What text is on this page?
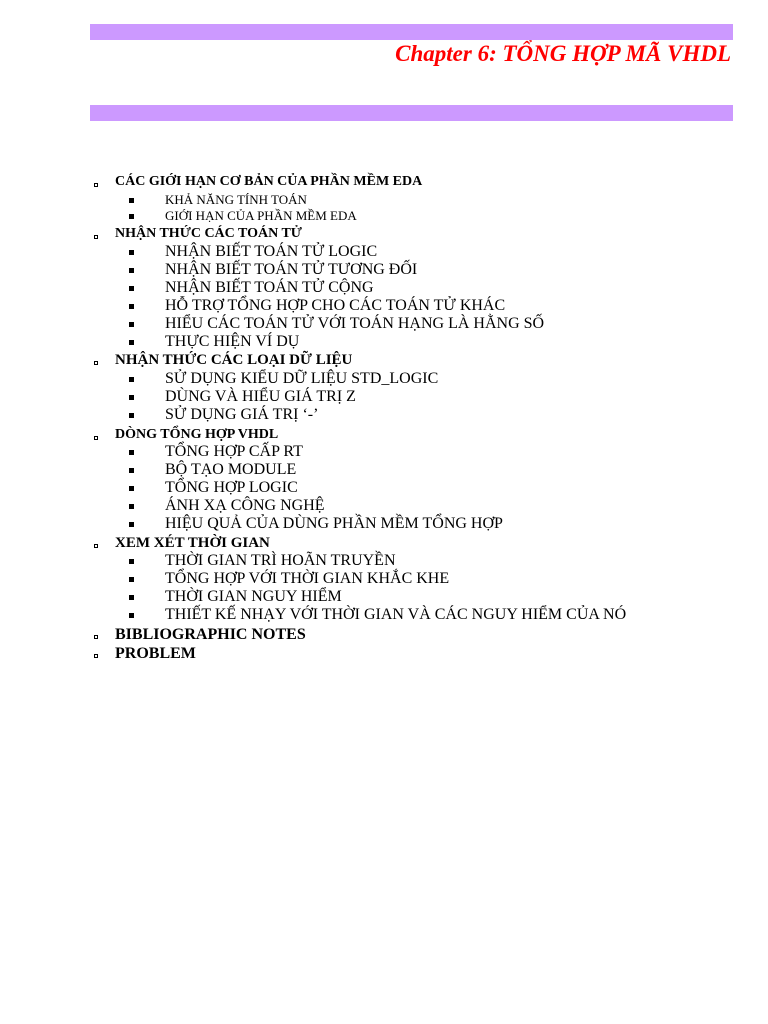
Chapter 6: TỔNG HỢP MÃ VHDL
CÁC GIỚI HẠN CƠ BẢN CỦA PHẦN MỀM EDA
KHẢ NĂNG TÍNH TOÁN
GIỚI HẠN CỦA PHẦN MỀM EDA
NHẬN THỨC CÁC TOÁN TỬ
NHẬN BIẾT TOÁN TỬ LOGIC
NHẬN BIẾT TOÁN TỬ TƯƠNG ĐỐI
NHẬN BIẾT TOÁN TỬ CỘNG
HỖ TRỢ TỔNG HỢP CHO CÁC TOÁN TỬ KHÁC
HIỂU CÁC TOÁN TỬ VỚI TOÁN HẠNG LÀ HẰNG SỐ
THỰC HIỆN VÍ DỤ
NHẬN THỨC CÁC LOẠI DỮ LIỆU
SỬ DỤNG KIỂU DỮ LIỆU STD_LOGIC
DÙNG VÀ HIỂU GIÁ TRỊ Z
SỬ DỤNG GIÁ TRỊ ‘-’
DÒNG TỔNG HỢP VHDL
TỔNG HỢP CẤP RT
BỘ TẠO MODULE
TỔNG HỢP LOGIC
ÁNH XẠ CÔNG NGHỆ
HIỆU QUẢ CỦA DÙNG PHẦN MỀM TỔNG HỢP
XEM XÉT THỜI GIAN
THỜI GIAN TRÌ HOÃN TRUYỀN
TỔNG HỢP VỚI THỜI GIAN KHẮC KHE
THỜI GIAN NGUY HIỂM
THIẾT KẾ NHẠY VỚI THỜI GIAN VÀ CÁC NGUY HIỂM CỦA NÓ
BIBLIOGRAPHIC NOTES
PROBLEM
